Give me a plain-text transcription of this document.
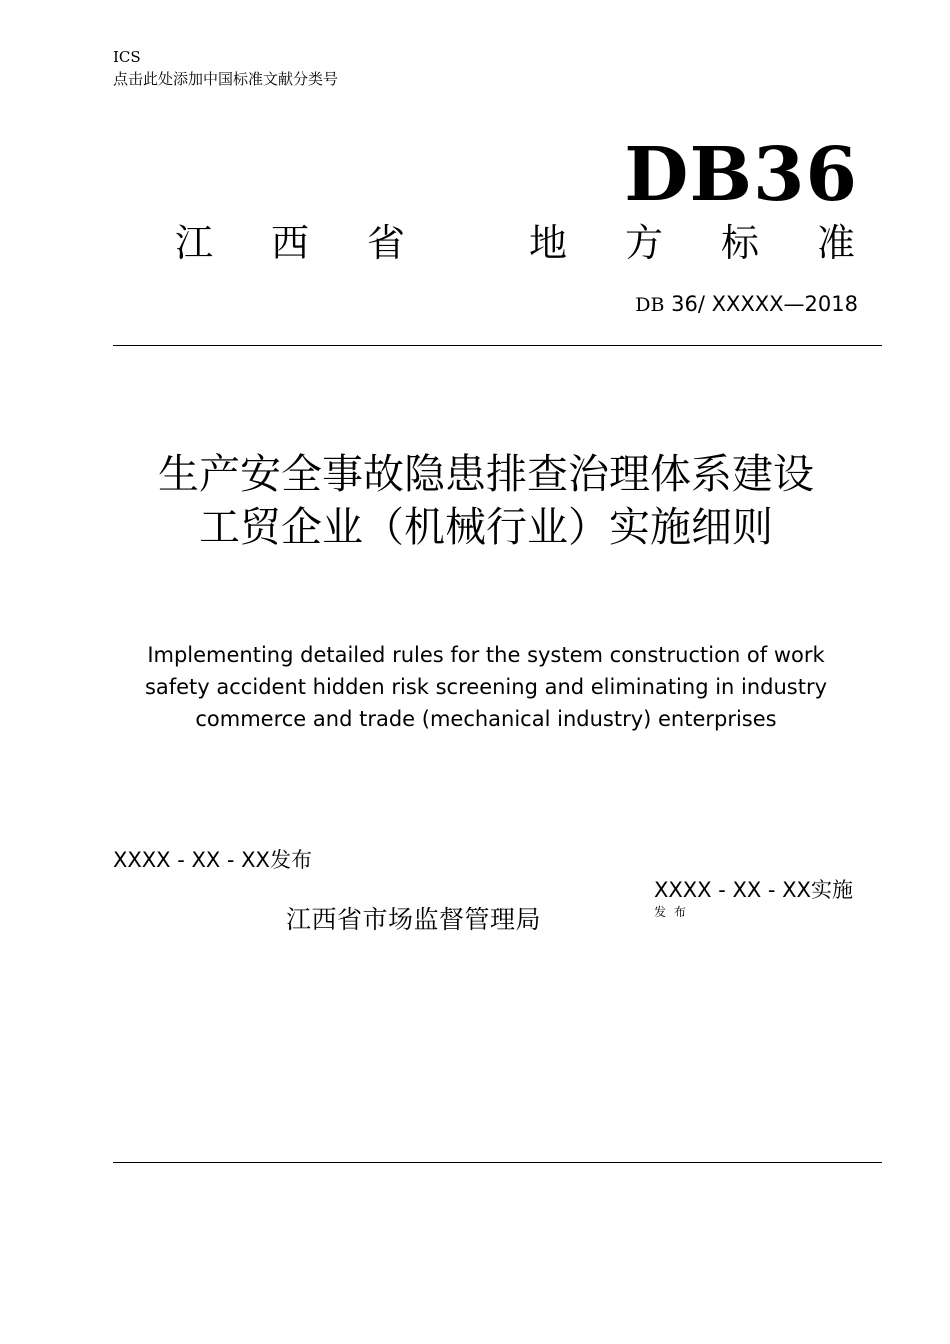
ICS
点击此处添加中国标准文献分类号
DB36
江 西 省	地 方 标 准
DB 36/ XXXXX—2018
生产安全事故隐患排查治理体系建设
工贸企业（机械行业）实施细则
Implementing detailed rules for the system construction of work
safety accident hidden risk screening and eliminating in industry
commerce and trade (mechanical industry) enterprises
XXXX - XX - XX发布
XXXX - XX - XX实施
发 布
江西省市场监督管理局
